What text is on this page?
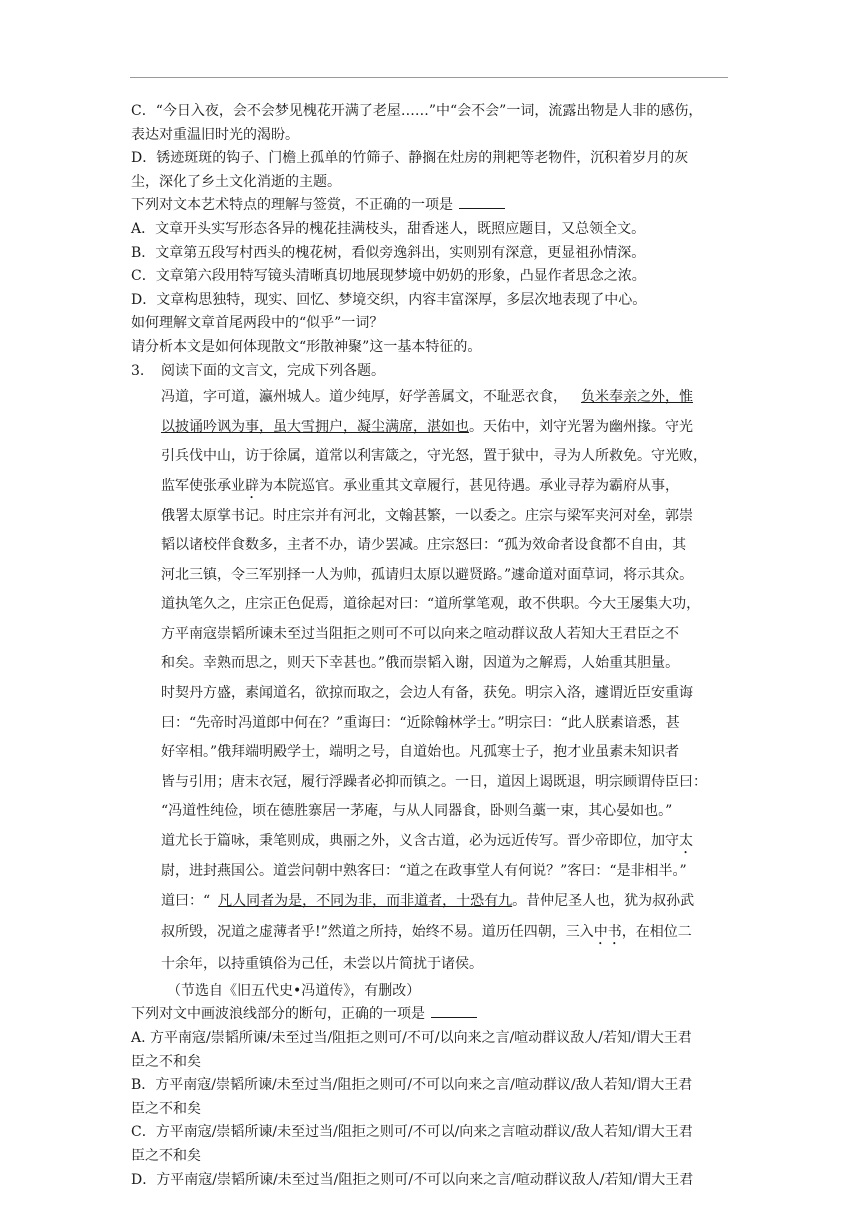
C．“今日入夜，会不会梦见槐花开满了老屋……”中“会不会”一词，流露出物是人非的感伤，
表达对重温旧时光的渴盼。
D．锈迹斑斑的钩子、门檐上孤单的竹筛子、静搁在灶房的荆耙等老物件，沉积着岁月的灰
尘，深化了乡土文化消逝的主题。
下列对文本艺术特点的理解与签赏，不正确的一项是
A．文章开头实写形态各异的槐花挂满枝头，甜香迷人，既照应题目，又总领全文。
B．文章第五段写村西头的槐花树，看似旁逸斜出，实则别有深意，更显祖孙情深。
C．文章第六段用特写镜头清晰真切地展现梦境中奶奶的形象，凸显作者思念之浓。
D．文章构思独特，现实、回忆、梦境交织，内容丰富深厚，多层次地表现了中心。
如何理解文章首尾两段中的“似乎”一词？
请分析本文是如何体现散文“形散神聚”这一基本特征的。
3. 阅读下面的文言文，完成下列各题。
冯道，字可道，瀛州城人。道少纯厚，好学善属文，不耻恶衣食， 负米奉亲之外，惟
以披诵吟讽为事，虽大雪拥户，凝尘满席，湛如也。天佑中，刘守光署为幽州掾。守光
引兵伐中山，访于徐属，道常以利害箴之，守光怒，置于狱中，寻为人所救免。守光败，
监军使张承业辟为本院巡官。承业重其文章履行，甚见待遇。承业寻荐为霸府从事，
俄署太原掌书记。时庄宗并有河北，文翰甚繁，一以委之。庄宗与梁军夹河对垒，郭崇
韬以诸校伴食数多，主者不办，请少罢减。庄宗怒曰：“孤为效命者设食都不自由，其
河北三镇，令三军别择一人为帅，孤请归太原以避贤路。”遽命道对面草词，将示其众。
道执笔久之，庄宗正色促焉，道徐起对曰：“道所掌笔观，敢不供职。今大王屡集大功，
方平南寇崇韬所谏未至过当阻拒之则可不可以向来之喧动群议敌人若知大王君臣之不
和矣。幸熟而思之，则天下幸甚也。”俄而崇韬入谢，因道为之解焉，人始重其胆量。
时契丹方盛，素闻道名，欲掠而取之，会边人有备，获免。明宗入洛，遽谓近臣安重诲
曰：“先帝时冯道郎中何在？”重诲曰：“近除翰林学士。”明宗曰：“此人朕素谙悉，甚
好宰相。”俄拜端明殿学士，端明之号，自道始也。凡孤寒士子，抱才业虽素未知识者
皆与引用；唐末衣冠，履行浮躁者必抑而镇之。一日，道因上谒既退，明宗顾谓侍臣曰：
“冯道性纯俭，顷在德胜寨居一茅庵，与从人同器食，卧则刍藁一束，其心晏如也。”
道尤长于篇咏，秉笔则成，典丽之外，义含古道，必为远近传写。晋少帝即位，加守太
尉，进封燕国公。道尝问朝中熟客曰：“道之在政事堂人有何说？”客曰：“是非相半。”
道曰：“ 凡人同者为是，不同为非，而非道者，十恐有九。昔仲尼圣人也，犹为叔孙武
叔所毁，况道之虚薄者乎!”然道之所持，始终不易。道历任四朝，三入中书，在相位二
十余年，以持重镇俗为己任，未尝以片简扰于诸侯。
（节选自《旧五代史•冯道传》，有删改）
下列对文中画波浪线部分的断句，正确的一项是
A. 方平南寇/崇韬所谏/未至过当/阻拒之则可/不可/以向来之言/喧动群议敌人/若知/谓大王君
臣之不和矣
B．方平南寇/崇韬所谏/未至过当/阻拒之则可/不可以向来之言/喧动群议/敌人若知/谓大王君
臣之不和矣
C．方平南寇/崇韬所谏/未至过当/阻拒之则可/不可以/向来之言喧动群议/敌人若知/谓大王君
臣之不和矣
D．方平南寇/崇韬所谏/未至过当/阻拒之则可/不可以向来之言/喧动群议敌人/若知/谓大王君
